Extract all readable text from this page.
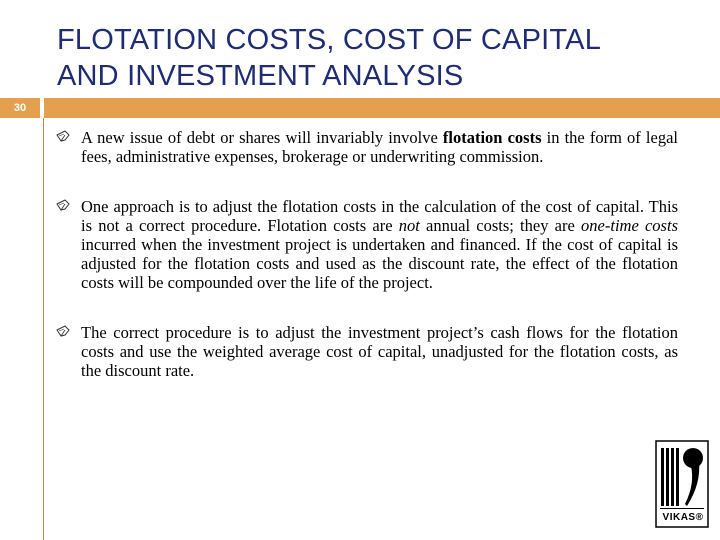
FLOTATION COSTS, COST OF CAPITAL
AND INVESTMENT ANALYSIS
30
A new issue of debt or shares will invariably involve flotation costs in the form of legal fees, administrative expenses, brokerage or underwriting commission.
One approach is to adjust the flotation costs in the calculation of the cost of capital. This is not a correct procedure. Flotation costs are not annual costs; they are one-time costs incurred when the investment project is undertaken and financed. If the cost of capital is adjusted for the flotation costs and used as the discount rate, the effect of the flotation costs will be compounded over the life of the project.
The correct procedure is to adjust the investment project’s cash flows for the flotation costs and use the weighted average cost of capital, unadjusted for the flotation costs, as the discount rate.
VIKAS®
